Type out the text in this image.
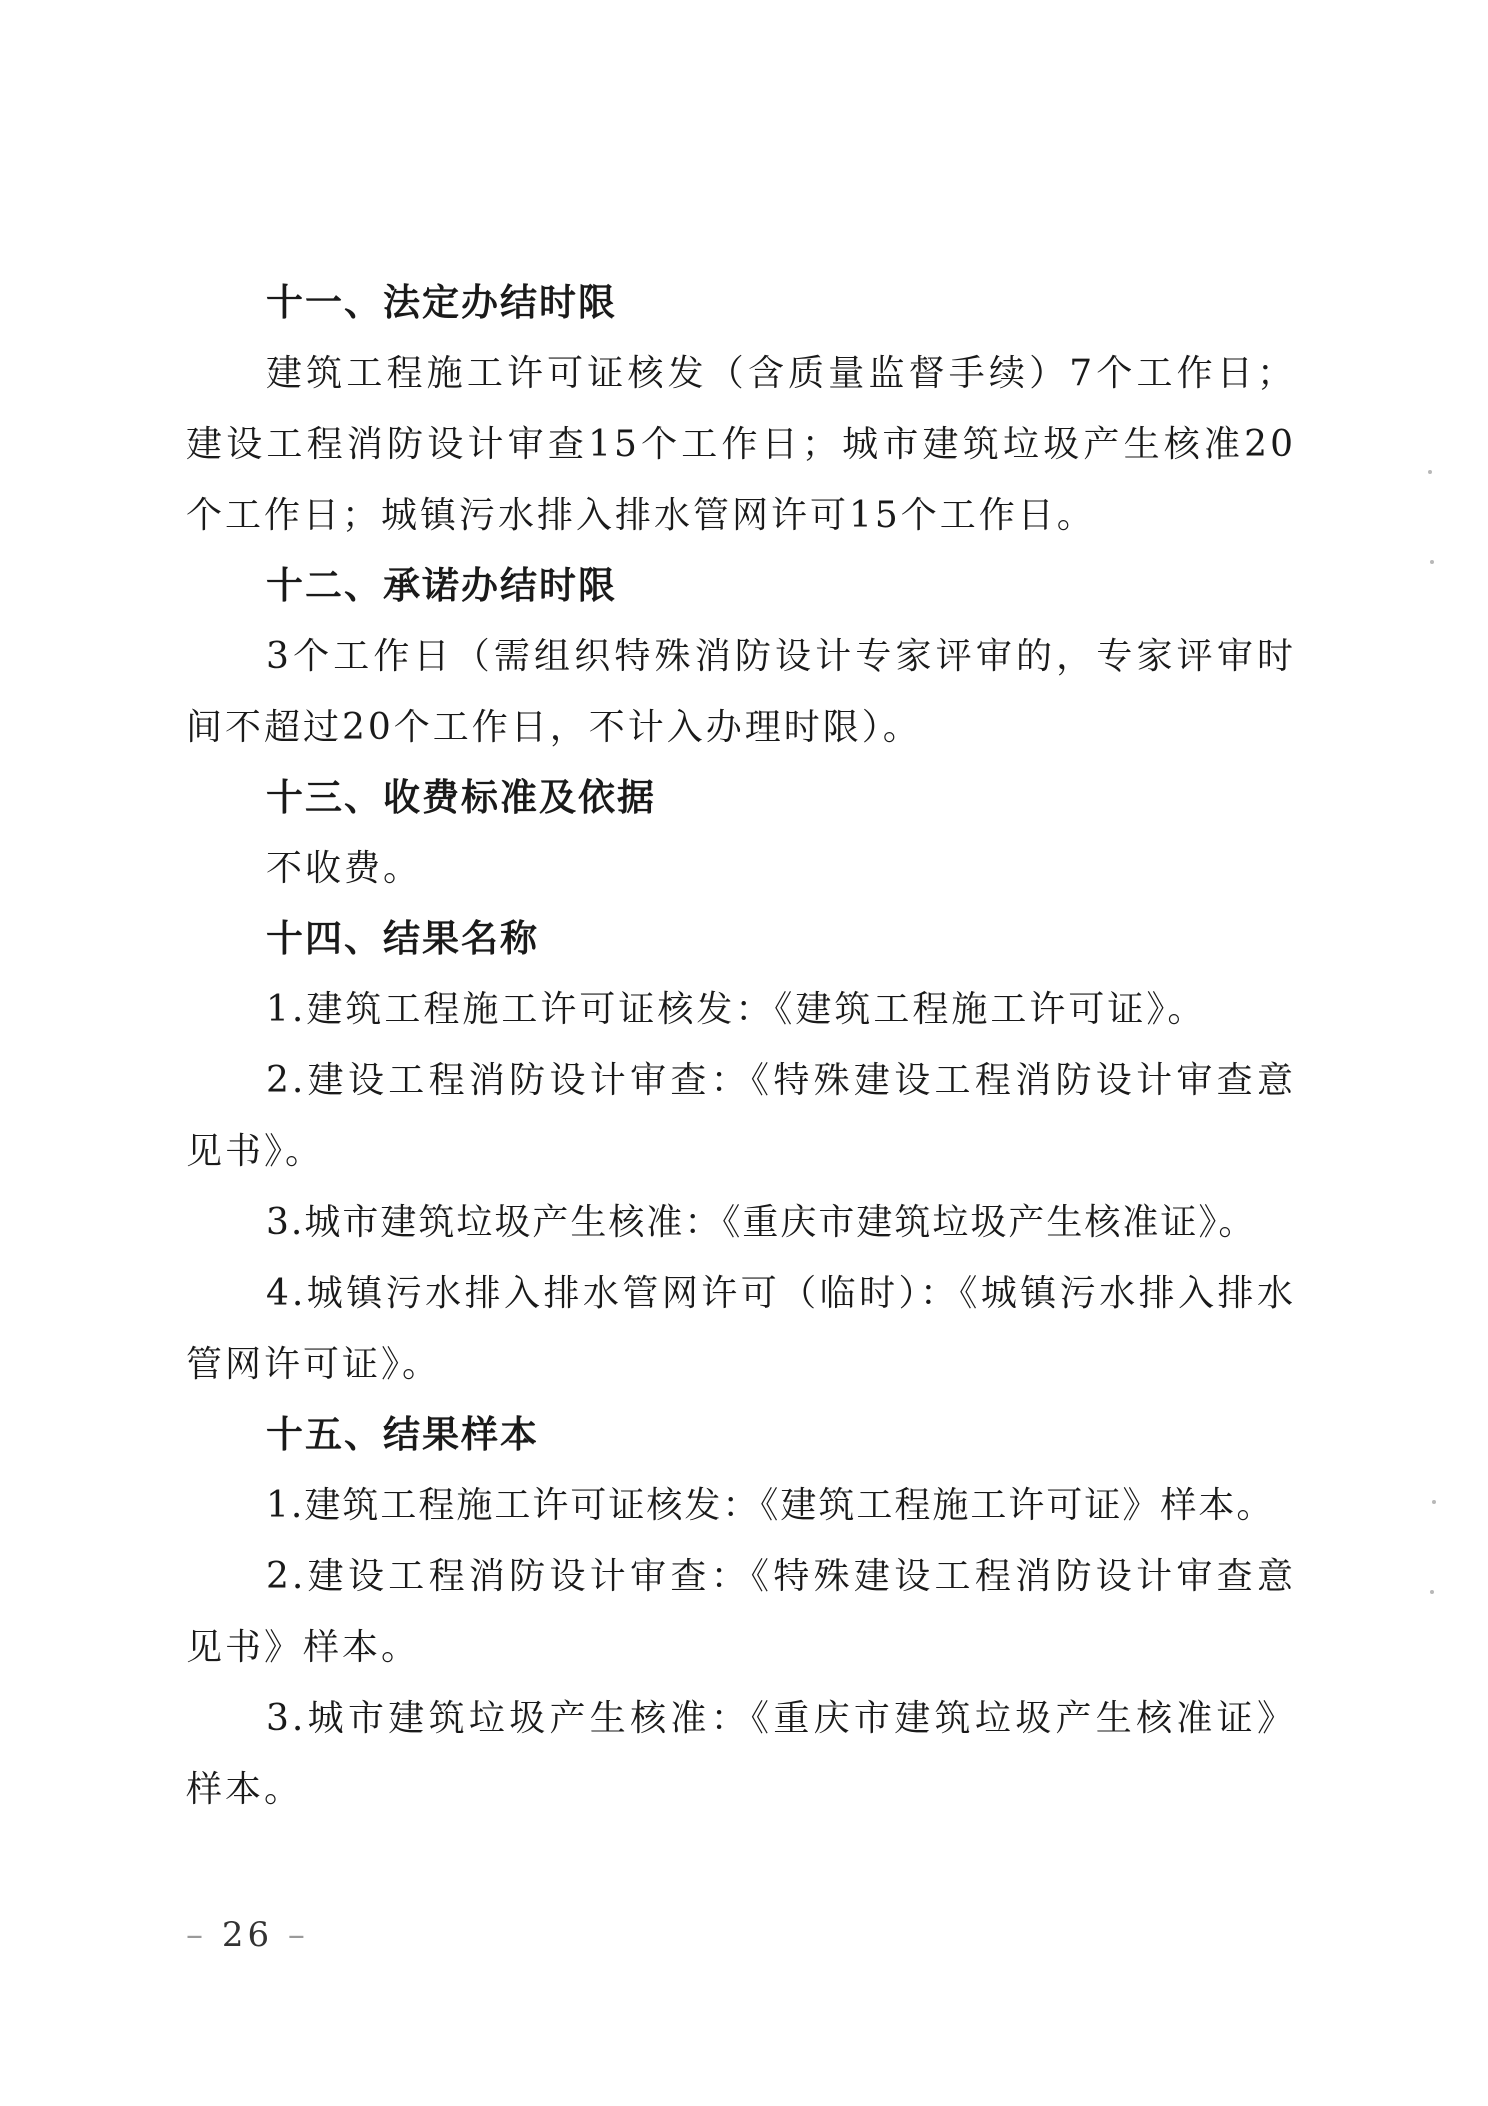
十一、法定办结时限

建筑工程施工许可证核发（含质量监督手续）7个工作日；建设工程消防设计审查15个工作日；城市建筑垃圾产生核准20个工作日；城镇污水排入排水管网许可15个工作日。

十二、承诺办结时限

3个工作日（需组织特殊消防设计专家评审的，专家评审时间不超过20个工作日，不计入办理时限）。

十三、收费标准及依据

不收费。

十四、结果名称

1.建筑工程施工许可证核发：《建筑工程施工许可证》。

2.建设工程消防设计审查：《特殊建设工程消防设计审查意见书》。

3.城市建筑垃圾产生核准：《重庆市建筑垃圾产生核准证》。

4.城镇污水排入排水管网许可（临时）：《城镇污水排入排水管网许可证》。

十五、结果样本

1.建筑工程施工许可证核发：《建筑工程施工许可证》样本。

2.建设工程消防设计审查：《特殊建设工程消防设计审查意见书》样本。

3.城市建筑垃圾产生核准：《重庆市建筑垃圾产生核准证》样本。

– 26 –
